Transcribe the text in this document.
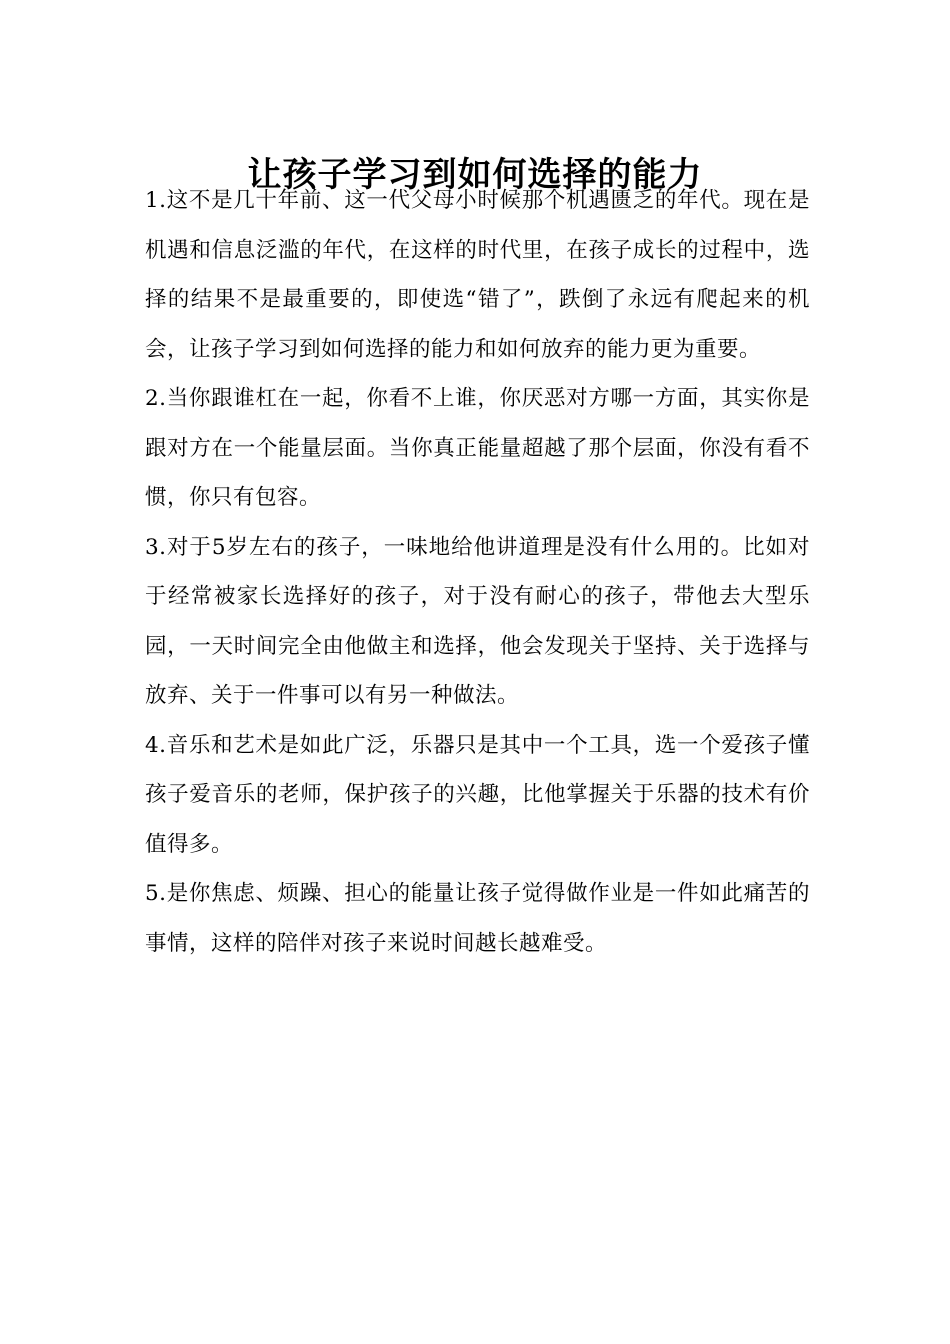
让孩子学习到如何选择的能力

1.这不是几十年前、这一代父母小时候那个机遇匮乏的年代。现在是机遇和信息泛滥的年代，在这样的时代里，在孩子成长的过程中，选择的结果不是最重要的，即使选“错了”，跌倒了永远有爬起来的机会，让孩子学习到如何选择的能力和如何放弃的能力更为重要。

2.当你跟谁杠在一起，你看不上谁，你厌恶对方哪一方面，其实你是跟对方在一个能量层面。当你真正能量超越了那个层面，你没有看不惯，你只有包容。

3.对于5岁左右的孩子，一味地给他讲道理是没有什么用的。比如对于经常被家长选择好的孩子，对于没有耐心的孩子，带他去大型乐园，一天时间完全由他做主和选择，他会发现关于坚持、关于选择与放弃、关于一件事可以有另一种做法。

4.音乐和艺术是如此广泛，乐器只是其中一个工具，选一个爱孩子懂孩子爱音乐的老师，保护孩子的兴趣，比他掌握关于乐器的技术有价值得多。

5.是你焦虑、烦躁、担心的能量让孩子觉得做作业是一件如此痛苦的事情，这样的陪伴对孩子来说时间越长越难受。
